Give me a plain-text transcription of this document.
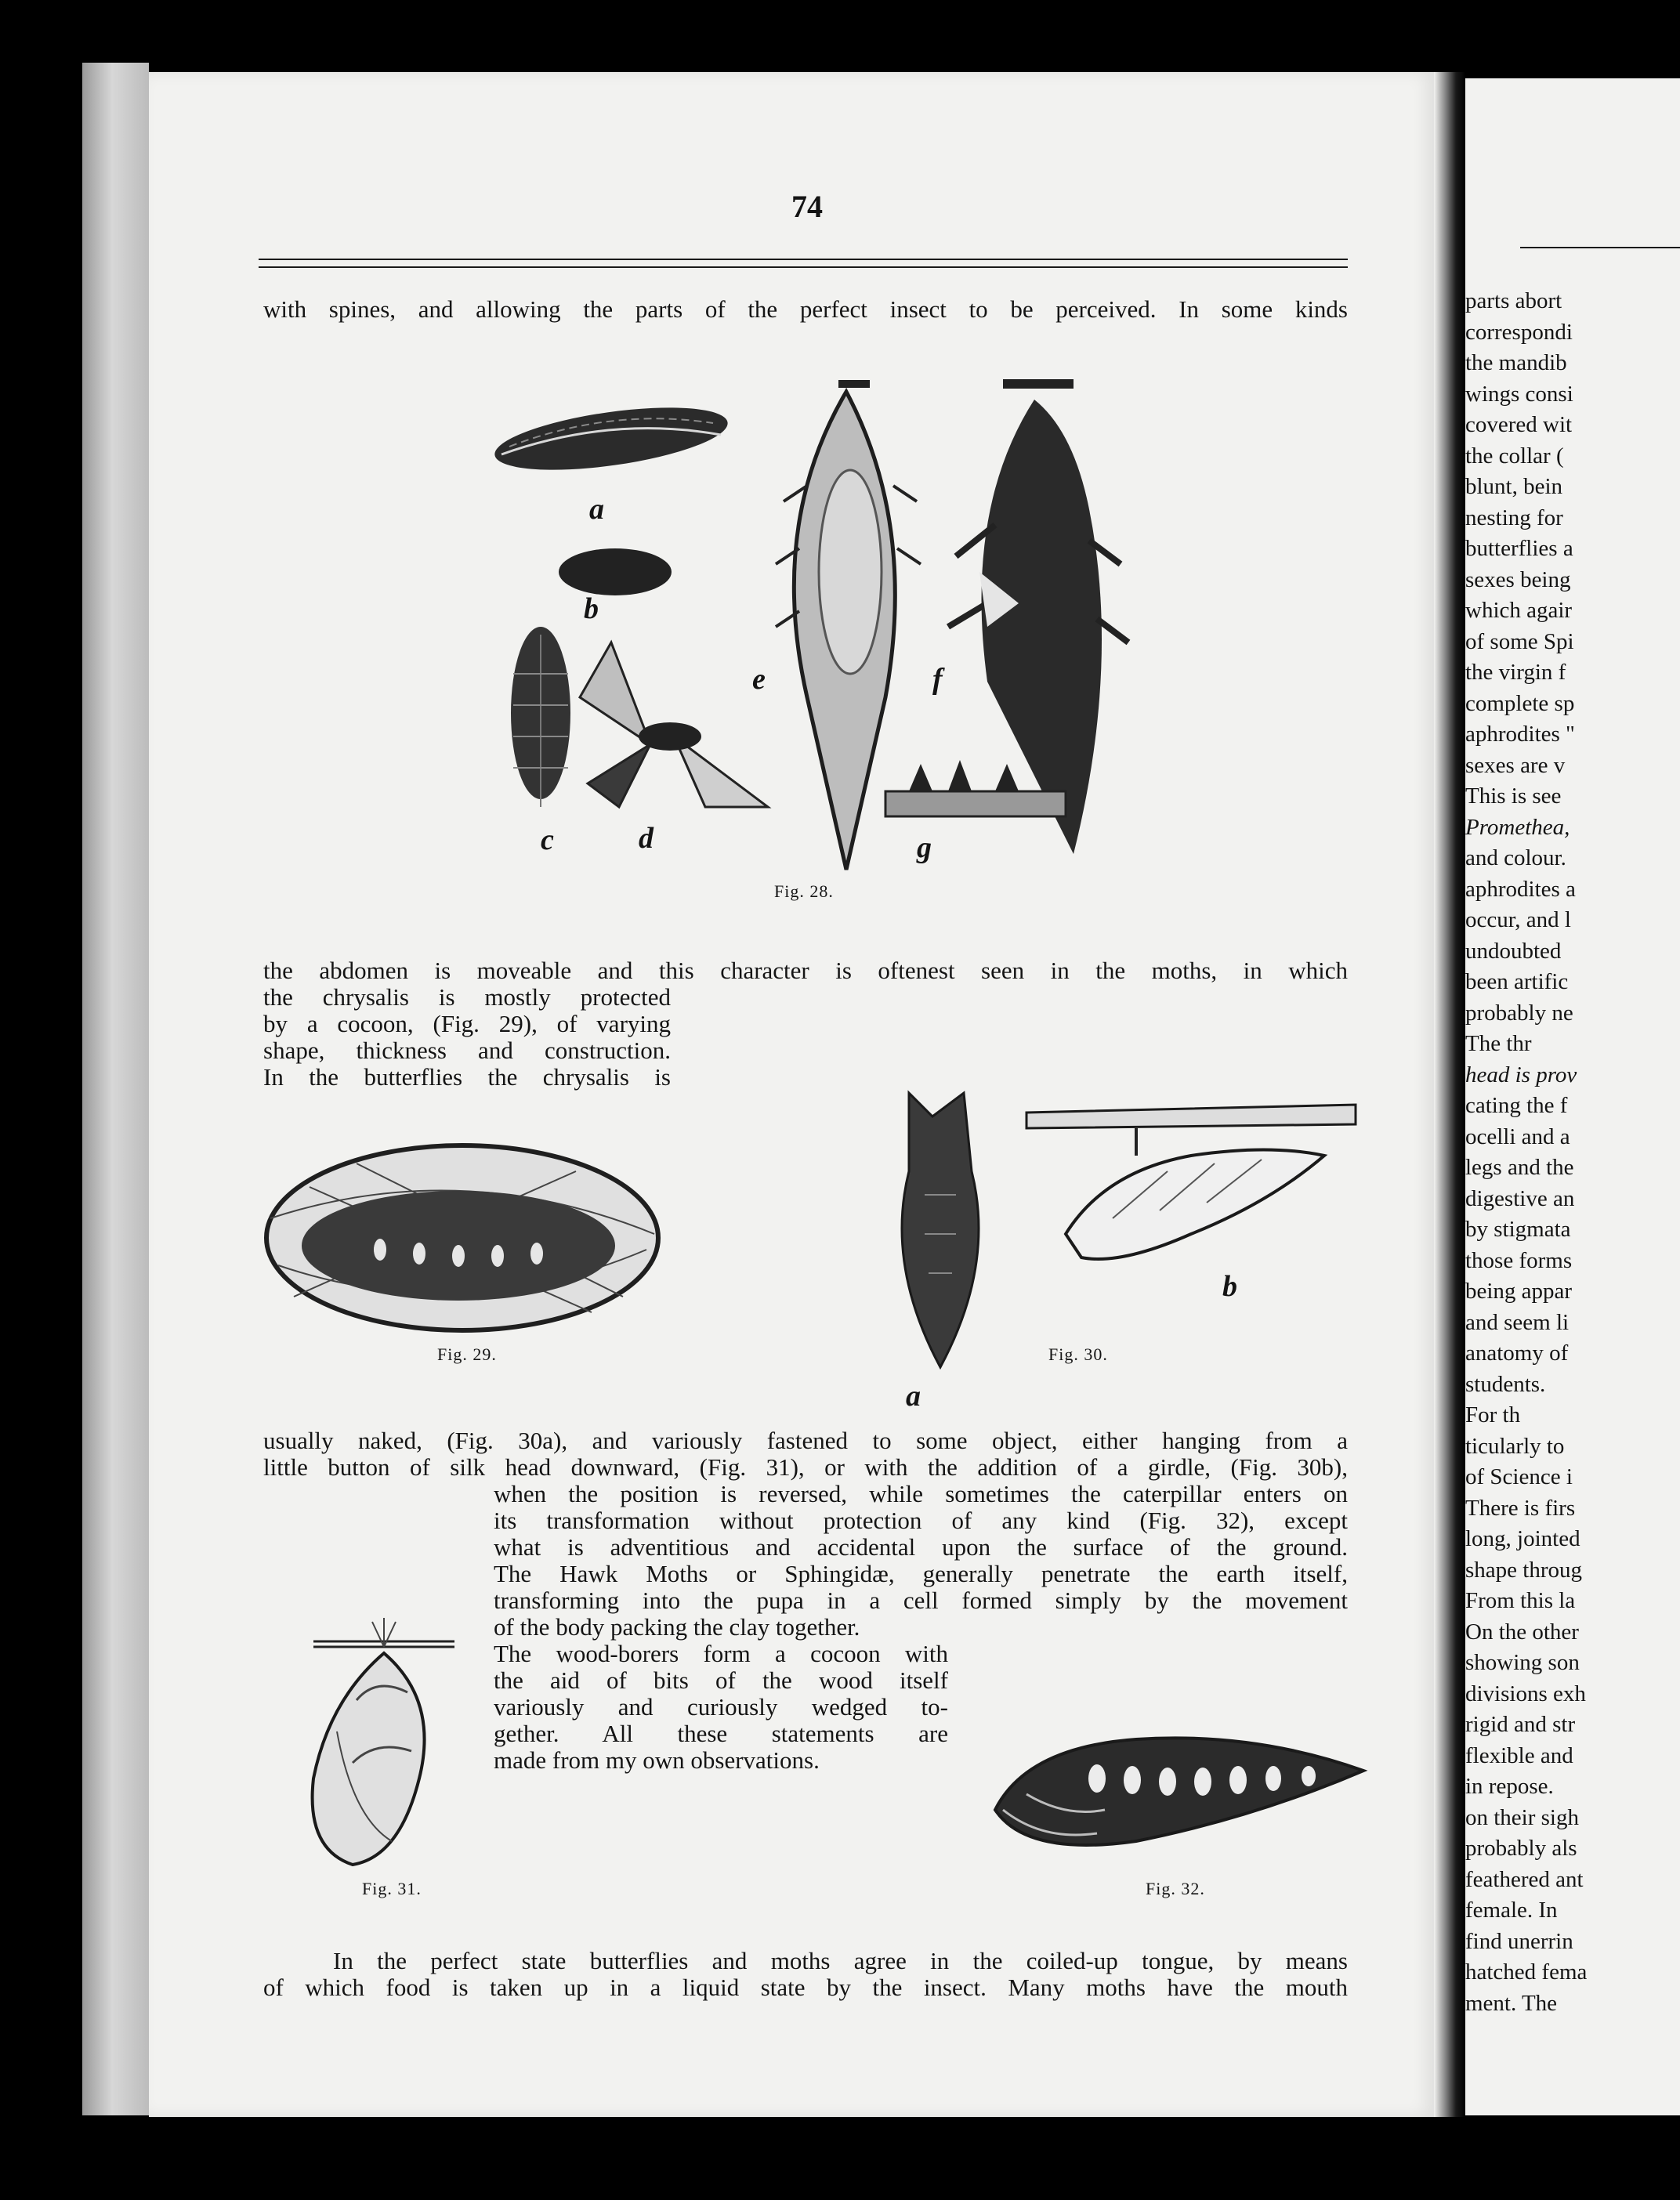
parts abort
correspondi
the mandib
wings consi
covered wit
the collar (
blunt, bein
nesting for
butterflies a
sexes being
which agair
of some Spi
the virgin f
complete sp
aphrodites "
sexes are v
This is see
Promethea,
and colour.
aphrodites a
occur, and l
undoubted
been artific
probably ne
The thr
head is prov
cating the f
ocelli and a
legs and the
digestive an
by stigmata
those forms
being appar
and seem li
anatomy of
students.
For th
ticularly to
of Science i
There is firs
long, jointed
shape throug
From this la
On the other
showing son
divisions exh
rigid and str
flexible and
in repose.
on their sigh
probably als
feathered ant
female. In
find unerrin
hatched fema
ment. The
74
with spines, and allowing the parts of the perfect insect to be perceived. In some kinds
a
b
c	d
e	f
g
Fig. 28.
the abdomen is moveable and this character is oftenest seen in the moths, in which
the chrysalis is mostly protected
by a cocoon, (Fig. 29), of varying
shape, thickness and construction.
In the butterflies the chrysalis is
Fig. 29.
a
b
Fig. 30.
usually naked, (Fig. 30a), and variously fastened to some object, either hanging from a
little button of silk head downward, (Fig. 31), or with the addition of a girdle, (Fig. 30b),
when the position is reversed, while sometimes the caterpillar enters on
its transformation without protection of any kind (Fig. 32), except
what is adventitious and accidental upon the surface of the ground.
The Hawk Moths or Sphingidæ, generally penetrate the earth itself,
transforming into the pupa in a cell formed simply by the movement
of the body packing the clay together.
The wood-borers form a cocoon with
the aid of bits of the wood itself
variously and curiously wedged to-
gether. All these statements are
made from my own observations.
Fig. 31.	Fig. 32.
In the perfect state butterflies and moths agree in the coiled-up tongue, by means
of which food is taken up in a liquid state by the insect. Many moths have the mouth
